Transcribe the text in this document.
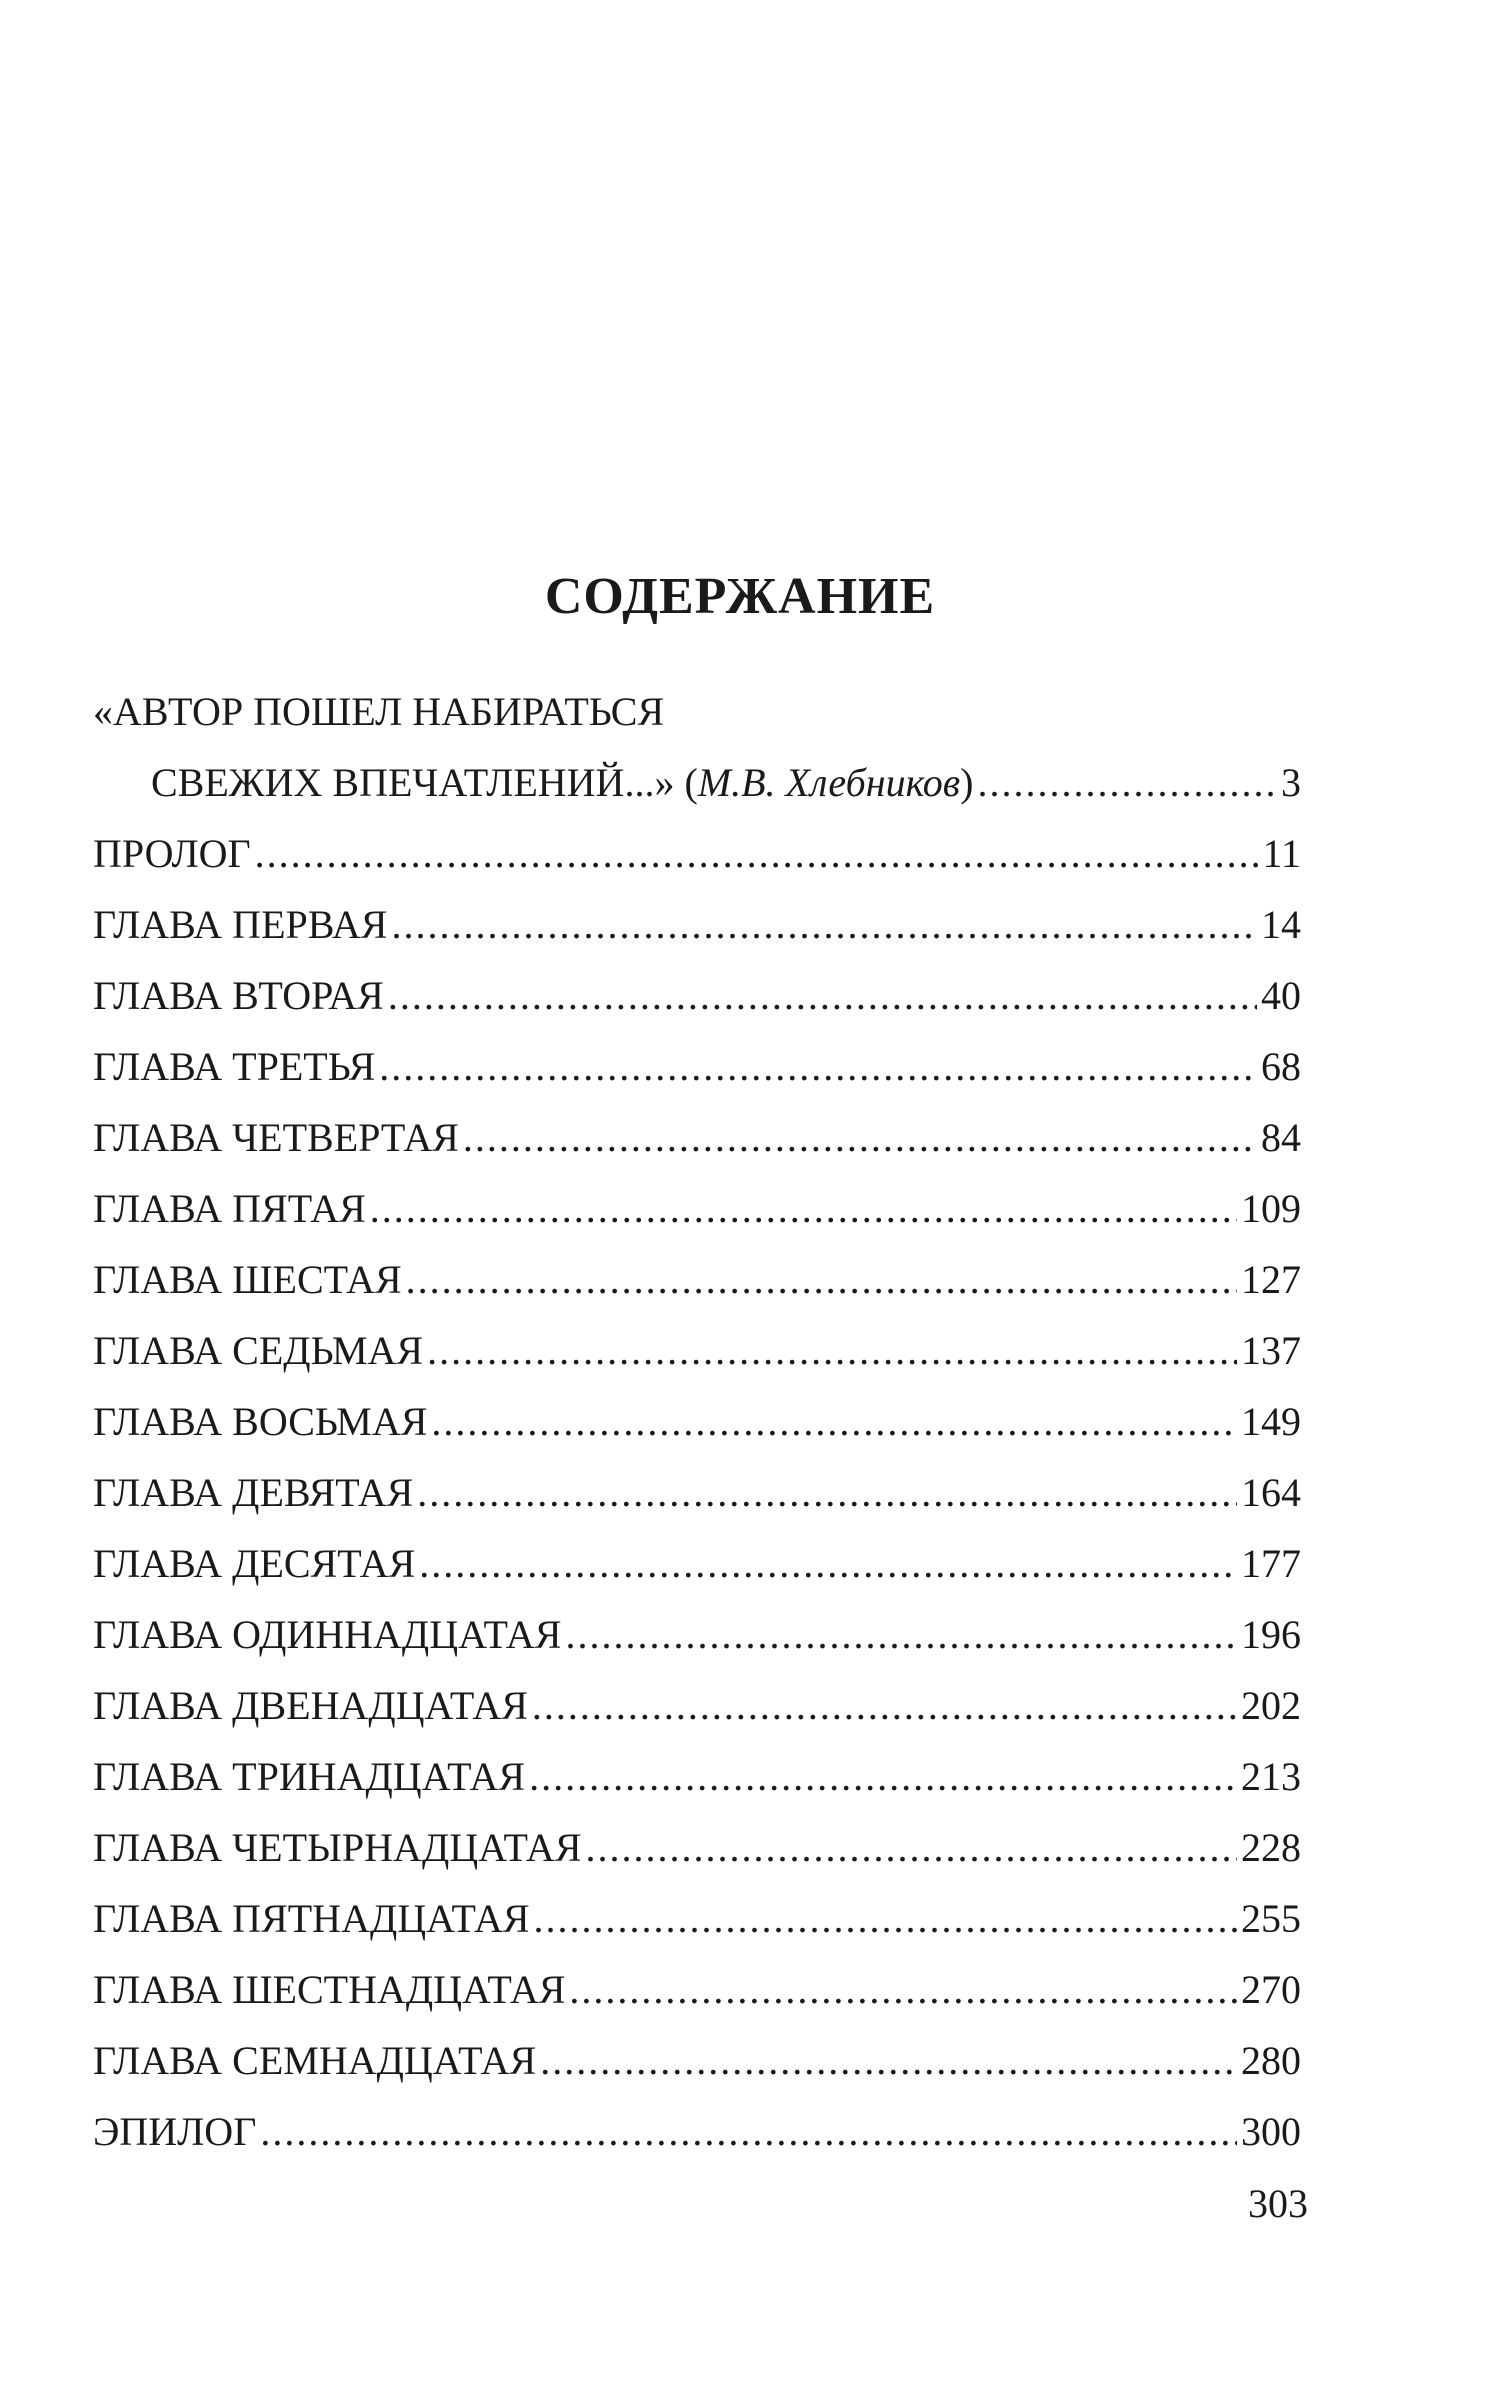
СОДЕРЖАНИЕ
«АВТОР ПОШЕЛ НАБИРАТЬСЯ
СВЕЖИХ ВПЕЧАТЛЕНИЙ...» (М.В. Хлебников) .....	3
ПРОЛОГ .....	11
ГЛАВА ПЕРВАЯ .....	14
ГЛАВА ВТОРАЯ .....	40
ГЛАВА ТРЕТЬЯ .....	68
ГЛАВА ЧЕТВЕРТАЯ .....	84
ГЛАВА ПЯТАЯ .....	109
ГЛАВА ШЕСТАЯ .....	127
ГЛАВА СЕДЬМАЯ .....	137
ГЛАВА ВОСЬМАЯ .....	149
ГЛАВА ДЕВЯТАЯ .....	164
ГЛАВА ДЕСЯТАЯ .....	177
ГЛАВА ОДИННАДЦАТАЯ .....	196
ГЛАВА ДВЕНАДЦАТАЯ .....	202
ГЛАВА ТРИНАДЦАТАЯ .....	213
ГЛАВА ЧЕТЫРНАДЦАТАЯ .....	228
ГЛАВА ПЯТНАДЦАТАЯ .....	255
ГЛАВА ШЕСТНАДЦАТАЯ .....	270
ГЛАВА СЕМНАДЦАТАЯ .....	280
ЭПИЛОГ .....	300

303
